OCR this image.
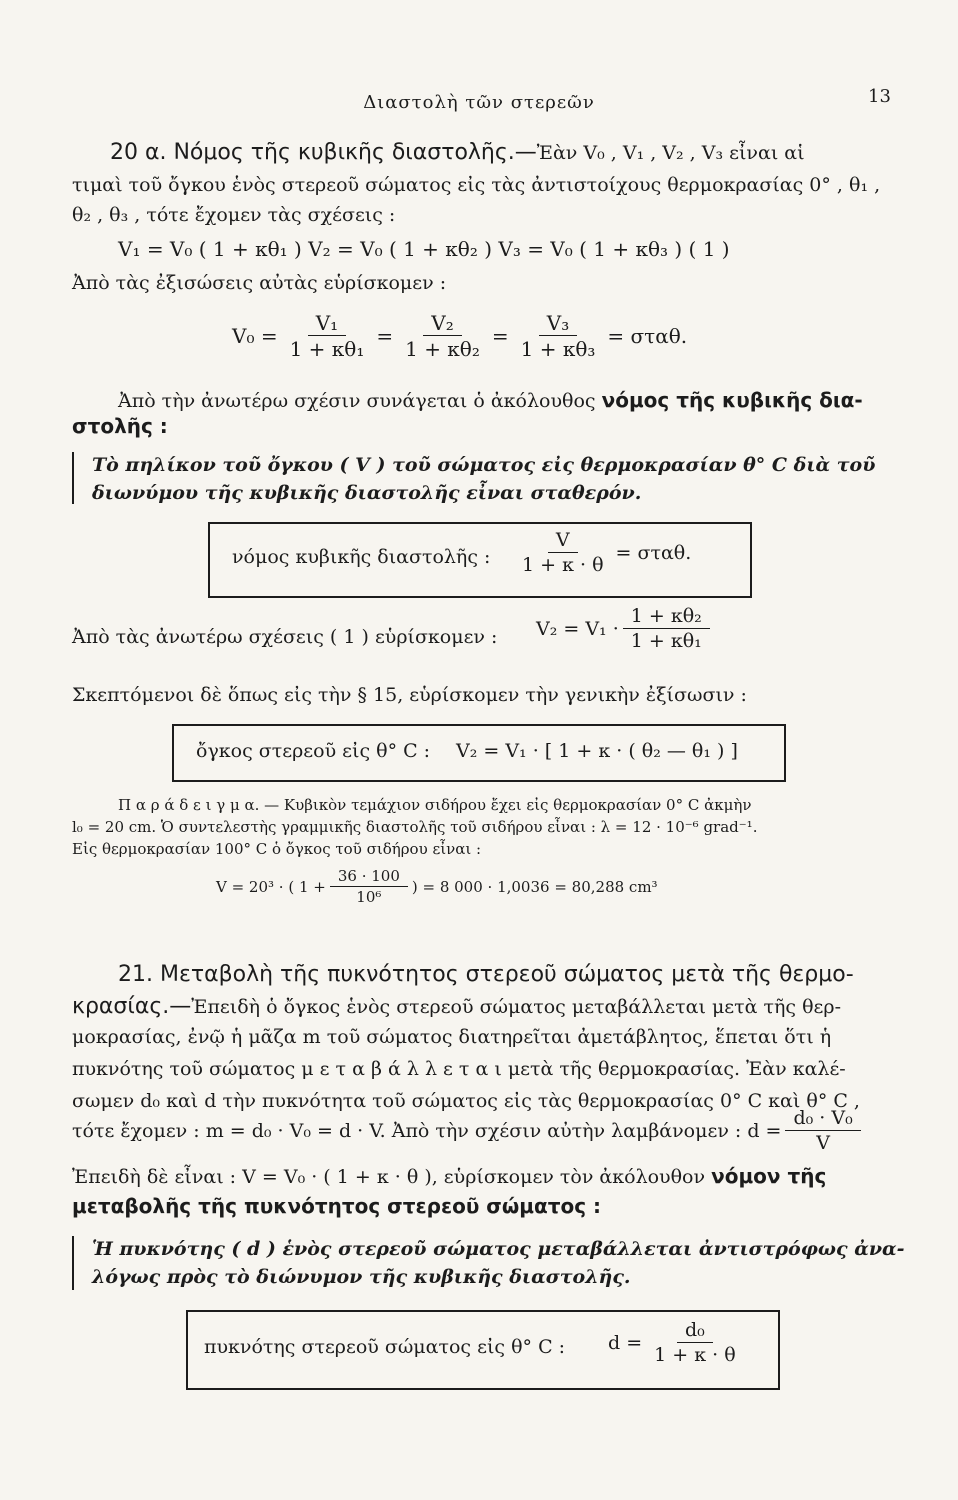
Διαστολὴ τῶν στερεῶν	13
20 α. Νόμος τῆς κυβικῆς διαστολῆς.—Ἐὰν V₀ , V₁ , V₂ , V₃ εἶναι αἱ
τιμαὶ τοῦ ὄγκου ἑνὸς στερεοῦ σώματος εἰς τὰς ἀντιστοίχους θερμοκρασίας 0° , θ₁ ,
θ₂ , θ₃ , τότε ἔχομεν τὰς σχέσεις :
V₁ = V₀ ( 1 + κθ₁ ) V₂ = V₀ ( 1 + κθ₂ ) V₃ = V₀ ( 1 + κθ₃ ) ( 1 )
Ἀπὸ τὰς ἐξισώσεις αὐτὰς εὑρίσκομεν :
$V_0 = \frac{\text{V₁}}{\text{1 + κθ₁}} = \frac{\text{V₂}}{\text{1 + κθ₂}} = \frac{\text{V₃}}{\text{1 + κθ₃}} = \sigma\tau\alpha\theta$.
Ἀπὸ τὴν ἀνωτέρω σχέσιν συνάγεται ὁ ἀκόλουθος νόμος τῆς κυβικῆς δια-
στολῆς :
Τὸ πηλίκον τοῦ ὄγκου ( V ) τοῦ σώματος εἰς θερμοκρασίαν θ° C διὰ τοῦ
διωνύμου τῆς κυβικῆς διαστολῆς εἶναι σταθερόν.
νόμος κυβικῆς διαστολῆς : $\frac{V}{1 + \kappa \cdot \theta} = \sigma\tau\alpha\theta$.
Ἀπὸ τὰς ἀνωτέρω σχέσεις ( 1 ) εὑρίσκομεν : $V_2 = V_1 \cdot \frac{\text{1 + κθ₂}}{\text{1 + κθ₁}}$
Σκεπτόμενοι δὲ ὅπως εἰς τὴν § 15, εὑρίσκομεν τὴν γενικὴν ἐξίσωσιν :
ὄγκος στερεοῦ εἰς θ° C : V₂ = V₁ · [ 1 + κ · ( θ₂ — θ₁ ) ]
Π α ρ ά δ ε ι γ μ α. — Κυβικὸν τεμάχιον σιδήρου ἔχει εἰς θερμοκρασίαν 0° C ἀκμὴν
l₀ = 20 cm. Ὁ συντελεστὴς γραμμικῆς διαστολῆς τοῦ σιδήρου εἶναι : λ = 12 · 10⁻⁶ grad⁻¹.
Εἰς θερμοκρασίαν 100° C ὁ ὄγκος τοῦ σιδήρου εἶναι :
V = 20³ · ( $1 + \frac{36 \cdot 100}{\text{10⁶}}$ ) = 8 000 · 1,0036 = 80,288 cm³
21. Μεταβολὴ τῆς πυκνότητος στερεοῦ σώματος μετὰ τῆς θερμο-
κρασίας.—Ἐπειδὴ ὁ ὄγκος ἑνὸς στερεοῦ σώματος μεταβάλλεται μετὰ τῆς θερ-
μοκρασίας, ἐνῷ ἡ μᾶζα m τοῦ σώματος διατηρεῖται ἀμετάβλητος, ἕπεται ὅτι ἡ
πυκνότης τοῦ σώματος μ ε τ α β ά λ λ ε τ α ι μετὰ τῆς θερμοκρασίας. Ἐὰν καλέ-
σωμεν d₀ καὶ d τὴν πυκνότητα τοῦ σώματος εἰς τὰς θερμοκρασίας 0° C καὶ θ° C ,
τότε ἔχομεν : m = d₀ · V₀ = d · V. Ἀπὸ τὴν σχέσιν αὐτὴν λαμβάνομεν : $d = \frac{\text{d₀ · V₀}}{V}$
Ἐπειδὴ δὲ εἶναι : V = V₀ · ( 1 + κ · θ ), εὑρίσκομεν τὸν ἀκόλουθον νόμον τῆς
μεταβολῆς τῆς πυκνότητος στερεοῦ σώματος :
Ἡ πυκνότης ( d ) ἑνὸς στερεοῦ σώματος μεταβάλλεται ἀντιστρόφως ἀνα-
λόγως πρὸς τὸ διώνυμον τῆς κυβικῆς διαστολῆς.
πυκνότης στερεοῦ σώματος εἰς θ° C : $d = \frac{\text{d₀}}{1 + \kappa \cdot \theta}$
